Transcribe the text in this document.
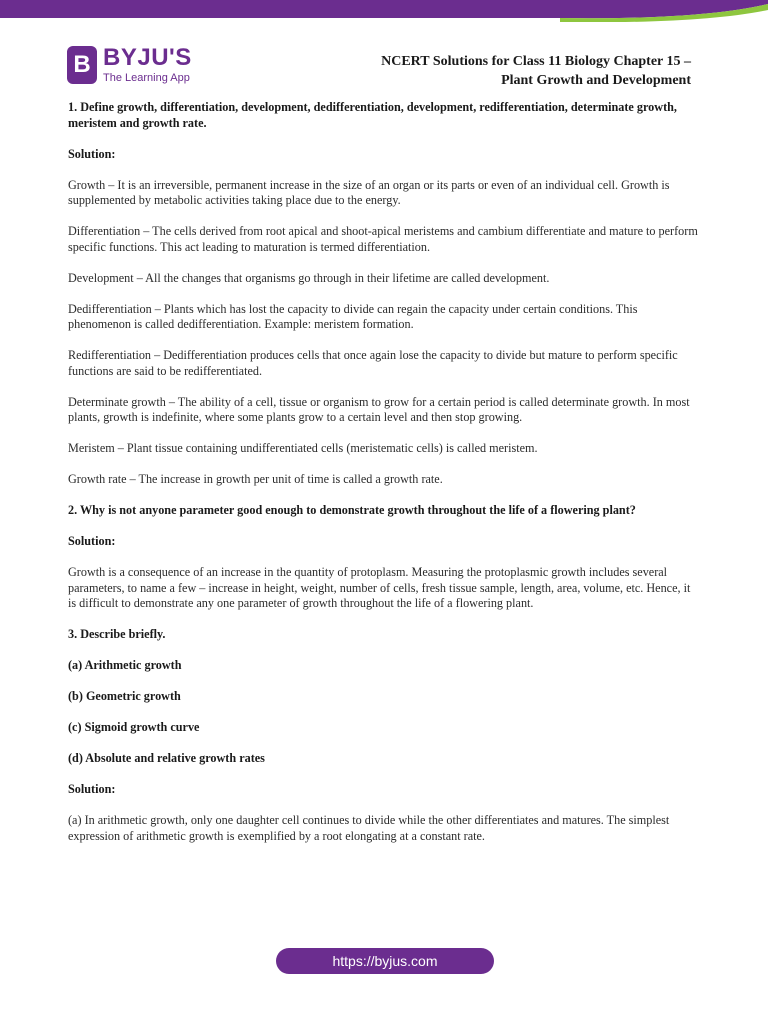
B BYJU'S
The Learning App
NCERT Solutions for Class 11 Biology Chapter 15 –
Plant Growth and Development

1. Define growth, differentiation, development, dedifferentiation, development, redifferentiation, determinate growth, meristem and growth rate.

Solution:

Growth – It is an irreversible, permanent increase in the size of an organ or its parts or even of an individual cell. Growth is supplemented by metabolic activities taking place due to the energy.

Differentiation – The cells derived from root apical and shoot-apical meristems and cambium differentiate and mature to perform specific functions. This act leading to maturation is termed differentiation.

Development – All the changes that organisms go through in their lifetime are called development.

Dedifferentiation – Plants which has lost the capacity to divide can regain the capacity under certain conditions. This phenomenon is called dedifferentiation. Example: meristem formation.

Redifferentiation – Dedifferentiation produces cells that once again lose the capacity to divide but mature to perform specific functions are said to be redifferentiated.

Determinate growth – The ability of a cell, tissue or organism to grow for a certain period is called determinate growth. In most plants, growth is indefinite, where some plants grow to a certain level and then stop growing.

Meristem – Plant tissue containing undifferentiated cells (meristematic cells) is called meristem.

Growth rate – The increase in growth per unit of time is called a growth rate.

2. Why is not anyone parameter good enough to demonstrate growth throughout the life of a flowering plant?

Solution:

Growth is a consequence of an increase in the quantity of protoplasm. Measuring the protoplasmic growth includes several parameters, to name a few – increase in height, weight, number of cells, fresh tissue sample, length, area, volume, etc. Hence, it is difficult to demonstrate any one parameter of growth throughout the life of a flowering plant.

3. Describe briefly.

(a) Arithmetic growth

(b) Geometric growth

(c) Sigmoid growth curve

(d) Absolute and relative growth rates

Solution:

(a) In arithmetic growth, only one daughter cell continues to divide while the other differentiates and matures. The simplest expression of arithmetic growth is exemplified by a root elongating at a constant rate.

https://byjus.com
